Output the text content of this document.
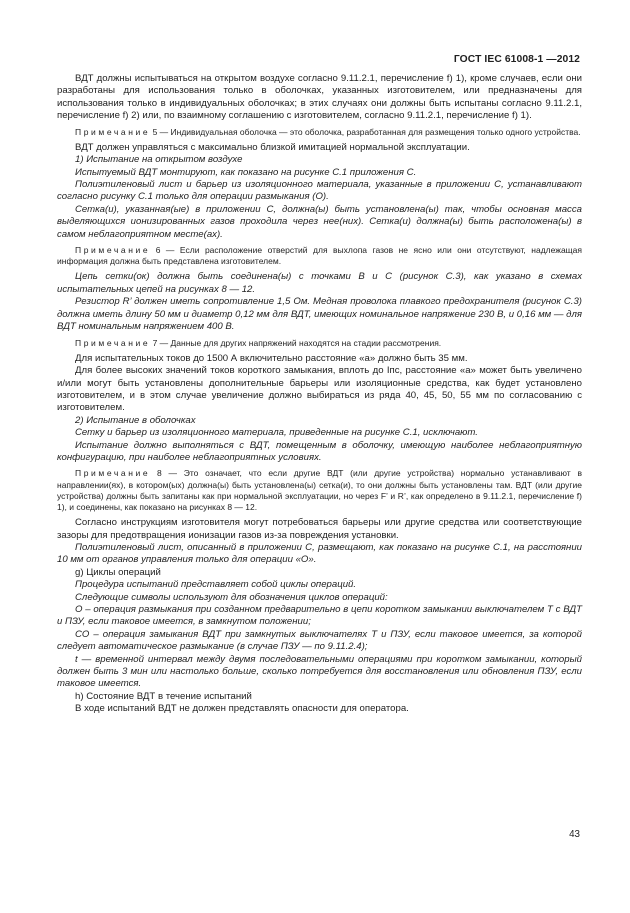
ГОСТ IEC 61008-1 —2012

ВДТ должны испытываться на открытом воздухе согласно 9.11.2.1, перечисление f) 1), кроме случаев, если они разработаны для использования только в оболочках, указанных изготовителем, или предназначены для использования только в индивидуальных оболочках; в этих случаях они должны быть испытаны согласно 9.11.2.1, перечисление f) 2) или, по взаимному соглашению с изготовителем, согласно 9.11.2.1, перечисление f) 1).

Примечание 5 — Индивидуальная оболочка — это оболочка, разработанная для размещения только одного устройства.

ВДТ должен управляться с максимально близкой имитацией нормальной эксплуатации.

1) Испытание на открытом воздухе

Испытуемый ВДТ монтируют, как показано на рисунке C.1 приложения C.

Полиэтиленовый лист и барьер из изоляционного материала, указанные в приложении C, устанавливают согласно рисунку C.1 только для операции размыкания (O).

Сетка(и), указанная(ые) в приложении C, должна(ы) быть установлена(ы) так, чтобы основная масса выделяющихся ионизированных газов проходила через нее(них). Сетка(и) должна(ы) быть расположена(ы) в самом неблагоприятном месте(ах).

Примечание 6 — Если расположение отверстий для выхлопа газов не ясно или они отсутствуют, надлежащая информация должна быть представлена изготовителем.

Цепь сетки(ок) должна быть соединена(ы) с точками B и C (рисунок C.3), как указано в схемах испытательных цепей на рисунках 8 — 12.

Резистор R’ должен иметь сопротивление 1,5 Ом. Медная проволока плавкого предохранителя (рисунок C.3) должна иметь длину 50 мм и диаметр 0,12 мм для ВДТ, имеющих номинальное напряжение 230 В, и 0,16 мм — для ВДТ номинальным напряжением 400 В.

Примечание 7 — Данные для других напряжений находятся на стадии рассмотрения.

Для испытательных токов до 1500 А включительно расстояние «a» должно быть 35 мм.

Для более высоких значений токов короткого замыкания, вплоть до Iпс, расстояние «a» может быть увеличено и/или могут быть установлены дополнительные барьеры или изоляционные средства, как будет установлено изготовителем, и в этом случае увеличение должно выбираться из ряда 40, 45, 50, 55 мм по согласованию с изготовителем.

2) Испытание в оболочках

Сетку и барьер из изоляционного материала, приведенные на рисунке C.1, исключают.

Испытание должно выполняться с ВДТ, помещенным в оболочку, имеющую наиболее неблагоприятную конфигурацию, при наиболее неблагоприятных условиях.

Примечание 8 — Это означает, что если другие ВДТ (или другие устройства) нормально устанавливают в направлении(ях), в котором(ых) должна(ы) быть установлена(ы) сетка(и), то они должны быть установлены там. ВДТ (или другие устройства) должны быть запитаны как при нормальной эксплуатации, но через F’ и R’, как определено в 9.11.2.1, перечисление f) 1), и соединены, как показано на рисунках 8 — 12.

Согласно инструкциям изготовителя могут потребоваться барьеры или другие средства или соответствующие зазоры для предотвращения ионизации газов из-за повреждения установки.

Полиэтиленовый лист, описанный в приложении C, размещают, как показано на рисунке C.1, на расстоянии 10 мм от органов управления только для операции «O».

g) Циклы операций

Процедура испытаний представляет собой циклы операций.

Следующие символы используют для обозначения циклов операций:

O – операция размыкания при созданном предварительно в цепи коротком замыкании выключателем T с ВДТ и ПЗУ, если таковое имеется, в замкнутом положении;

CO – операция замыкания ВДТ при замкнутых выключателях T и ПЗУ, если таковое имеется, за которой следует автоматическое размыкание (в случае ПЗУ — по 9.11.2.4);

t — временной интервал между двумя последовательными операциями при коротком замыкании, который должен быть 3 мин или настолько больше, сколько потребуется для восстановления или обновления ПЗУ, если таковое имеется.

h) Состояние ВДТ в течение испытаний

В ходе испытаний ВДТ не должен представлять опасности для оператора.

43
